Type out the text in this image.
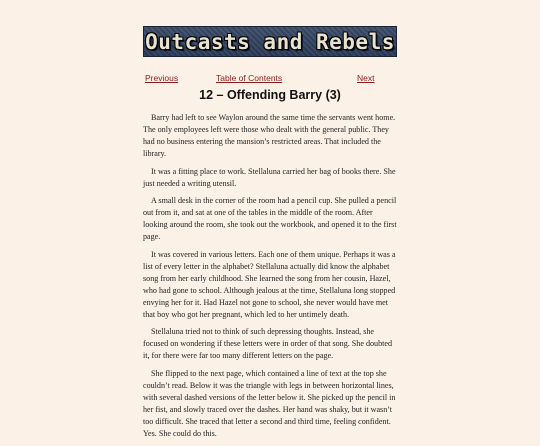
Outcasts and Rebels
Previous	Table of Contents	Next
12 – Offending Barry (3)

Barry had left to see Waylon around the same time the servants went home. The only employees left were those who dealt with the general public. They had no business entering the mansion’s restricted areas. That included the library.

It was a fitting place to work. Stellaluna carried her bag of books there. She just needed a writing utensil.

A small desk in the corner of the room had a pencil cup. She pulled a pencil out from it, and sat at one of the tables in the middle of the room. After looking around the room, she took out the workbook, and opened it to the first page.

It was covered in various letters. Each one of them unique. Perhaps it was a list of every letter in the alphabet? Stellaluna actually did know the alphabet song from her early childhood. She learned the song from her cousin, Hazel, who had gone to school. Although jealous at the time, Stellaluna long stopped envying her for it. Had Hazel not gone to school, she never would have met that boy who got her pregnant, which led to her untimely death.

Stellaluna tried not to think of such depressing thoughts. Instead, she focused on wondering if these letters were in order of that song. She doubted it, for there were far too many different letters on the page.

She flipped to the next page, which contained a line of text at the top she couldn’t read. Below it was the triangle with legs in between horizontal lines, with several dashed versions of the letter below it. She picked up the pencil in her fist, and slowly traced over the dashes. Her hand was shaky, but it wasn’t too difficult. She traced that letter a second and third time, feeling confident. Yes. She could do this.
